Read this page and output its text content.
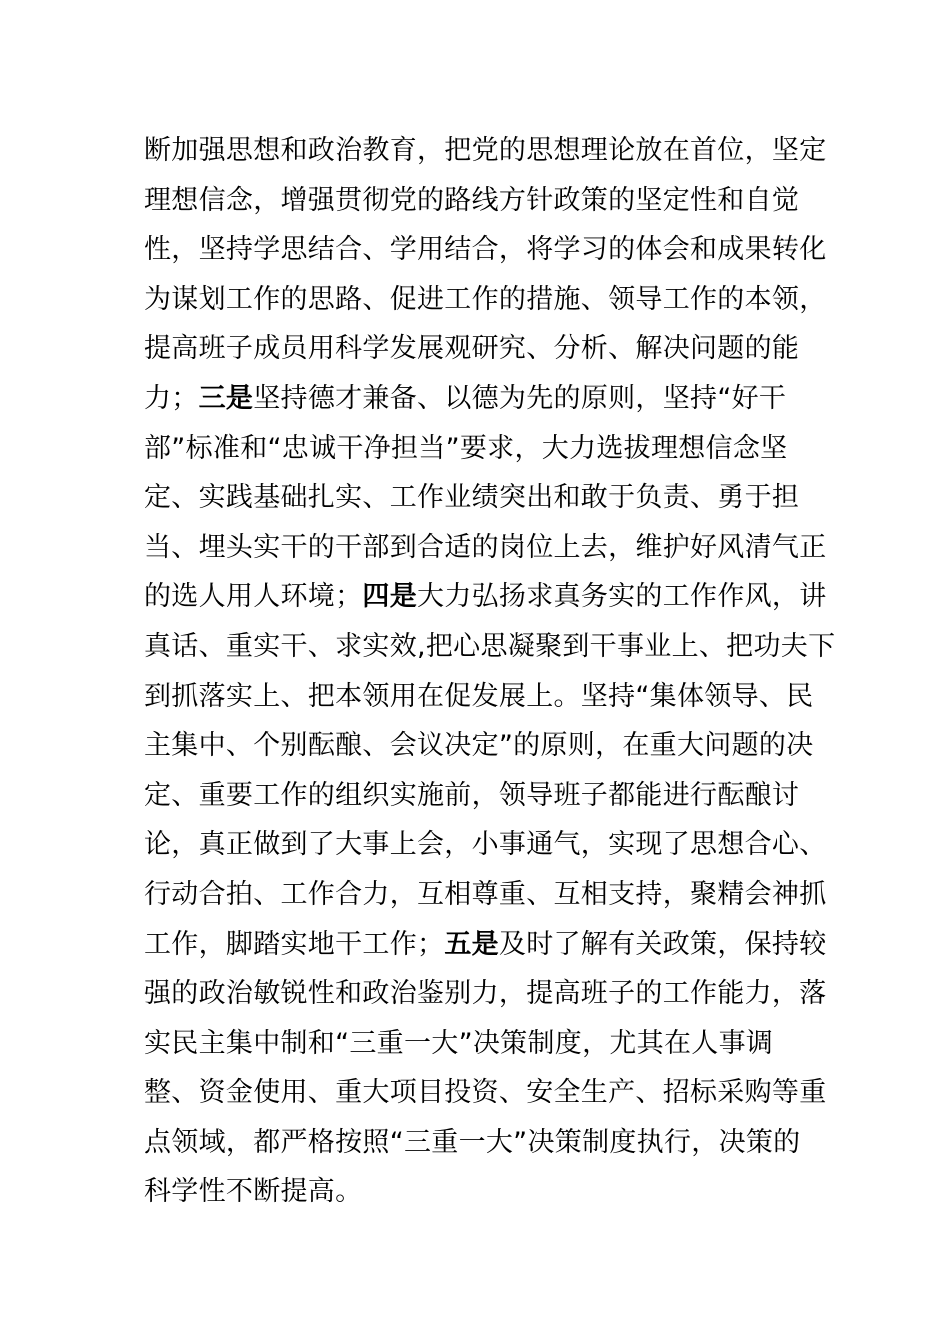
断加强思想和政治教育，把党的思想理论放在首位，坚定
理想信念，增强贯彻党的路线方针政策的坚定性和自觉
性，坚持学思结合、学用结合，将学习的体会和成果转化
为谋划工作的思路、促进工作的措施、领导工作的本领，
提高班子成员用科学发展观研究、分析、解决问题的能
力；三是坚持德才兼备、以德为先的原则，坚持“好干
部”标准和“忠诚干净担当”要求，大力选拔理想信念坚
定、实践基础扎实、工作业绩突出和敢于负责、勇于担
当、埋头实干的干部到合适的岗位上去，维护好风清气正
的选人用人环境；四是大力弘扬求真务实的工作作风，讲
真话、重实干、求实效,把心思凝聚到干事业上、把功夫下
到抓落实上、把本领用在促发展上。坚持“集体领导、民
主集中、个别酝酿、会议决定”的原则，在重大问题的决
定、重要工作的组织实施前，领导班子都能进行酝酿讨
论，真正做到了大事上会，小事通气，实现了思想合心、
行动合拍、工作合力，互相尊重、互相支持，聚精会神抓
工作，脚踏实地干工作；五是及时了解有关政策，保持较
强的政治敏锐性和政治鉴别力，提高班子的工作能力，落
实民主集中制和“三重一大”决策制度，尤其在人事调
整、资金使用、重大项目投资、安全生产、招标采购等重
点领域，都严格按照“三重一大”决策制度执行，决策的
科学性不断提高。
